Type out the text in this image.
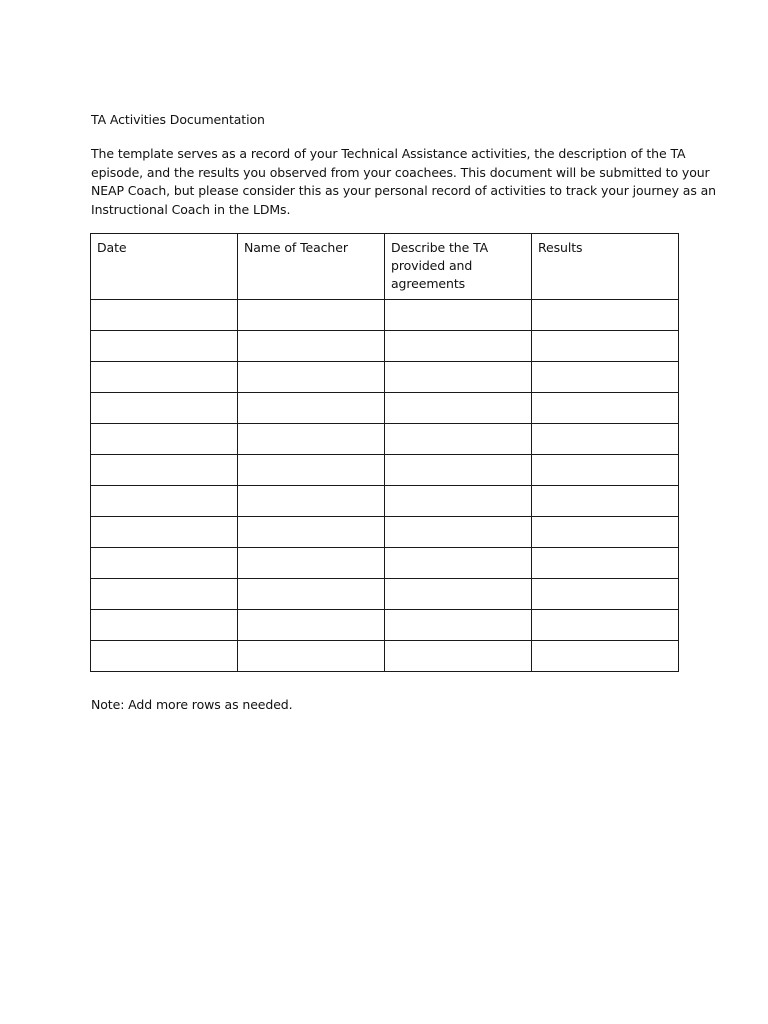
TA Activities Documentation
The template serves as a record of your Technical Assistance activities, the description of the TA
episode, and the results you observed from your coachees. This document will be submitted to your
NEAP Coach, but please consider this as your personal record of activities to track your journey as an
Instructional Coach in the LDMs.
Date	Name of Teacher	Describe the TA provided and agreements	Results

Note: Add more rows as needed.
